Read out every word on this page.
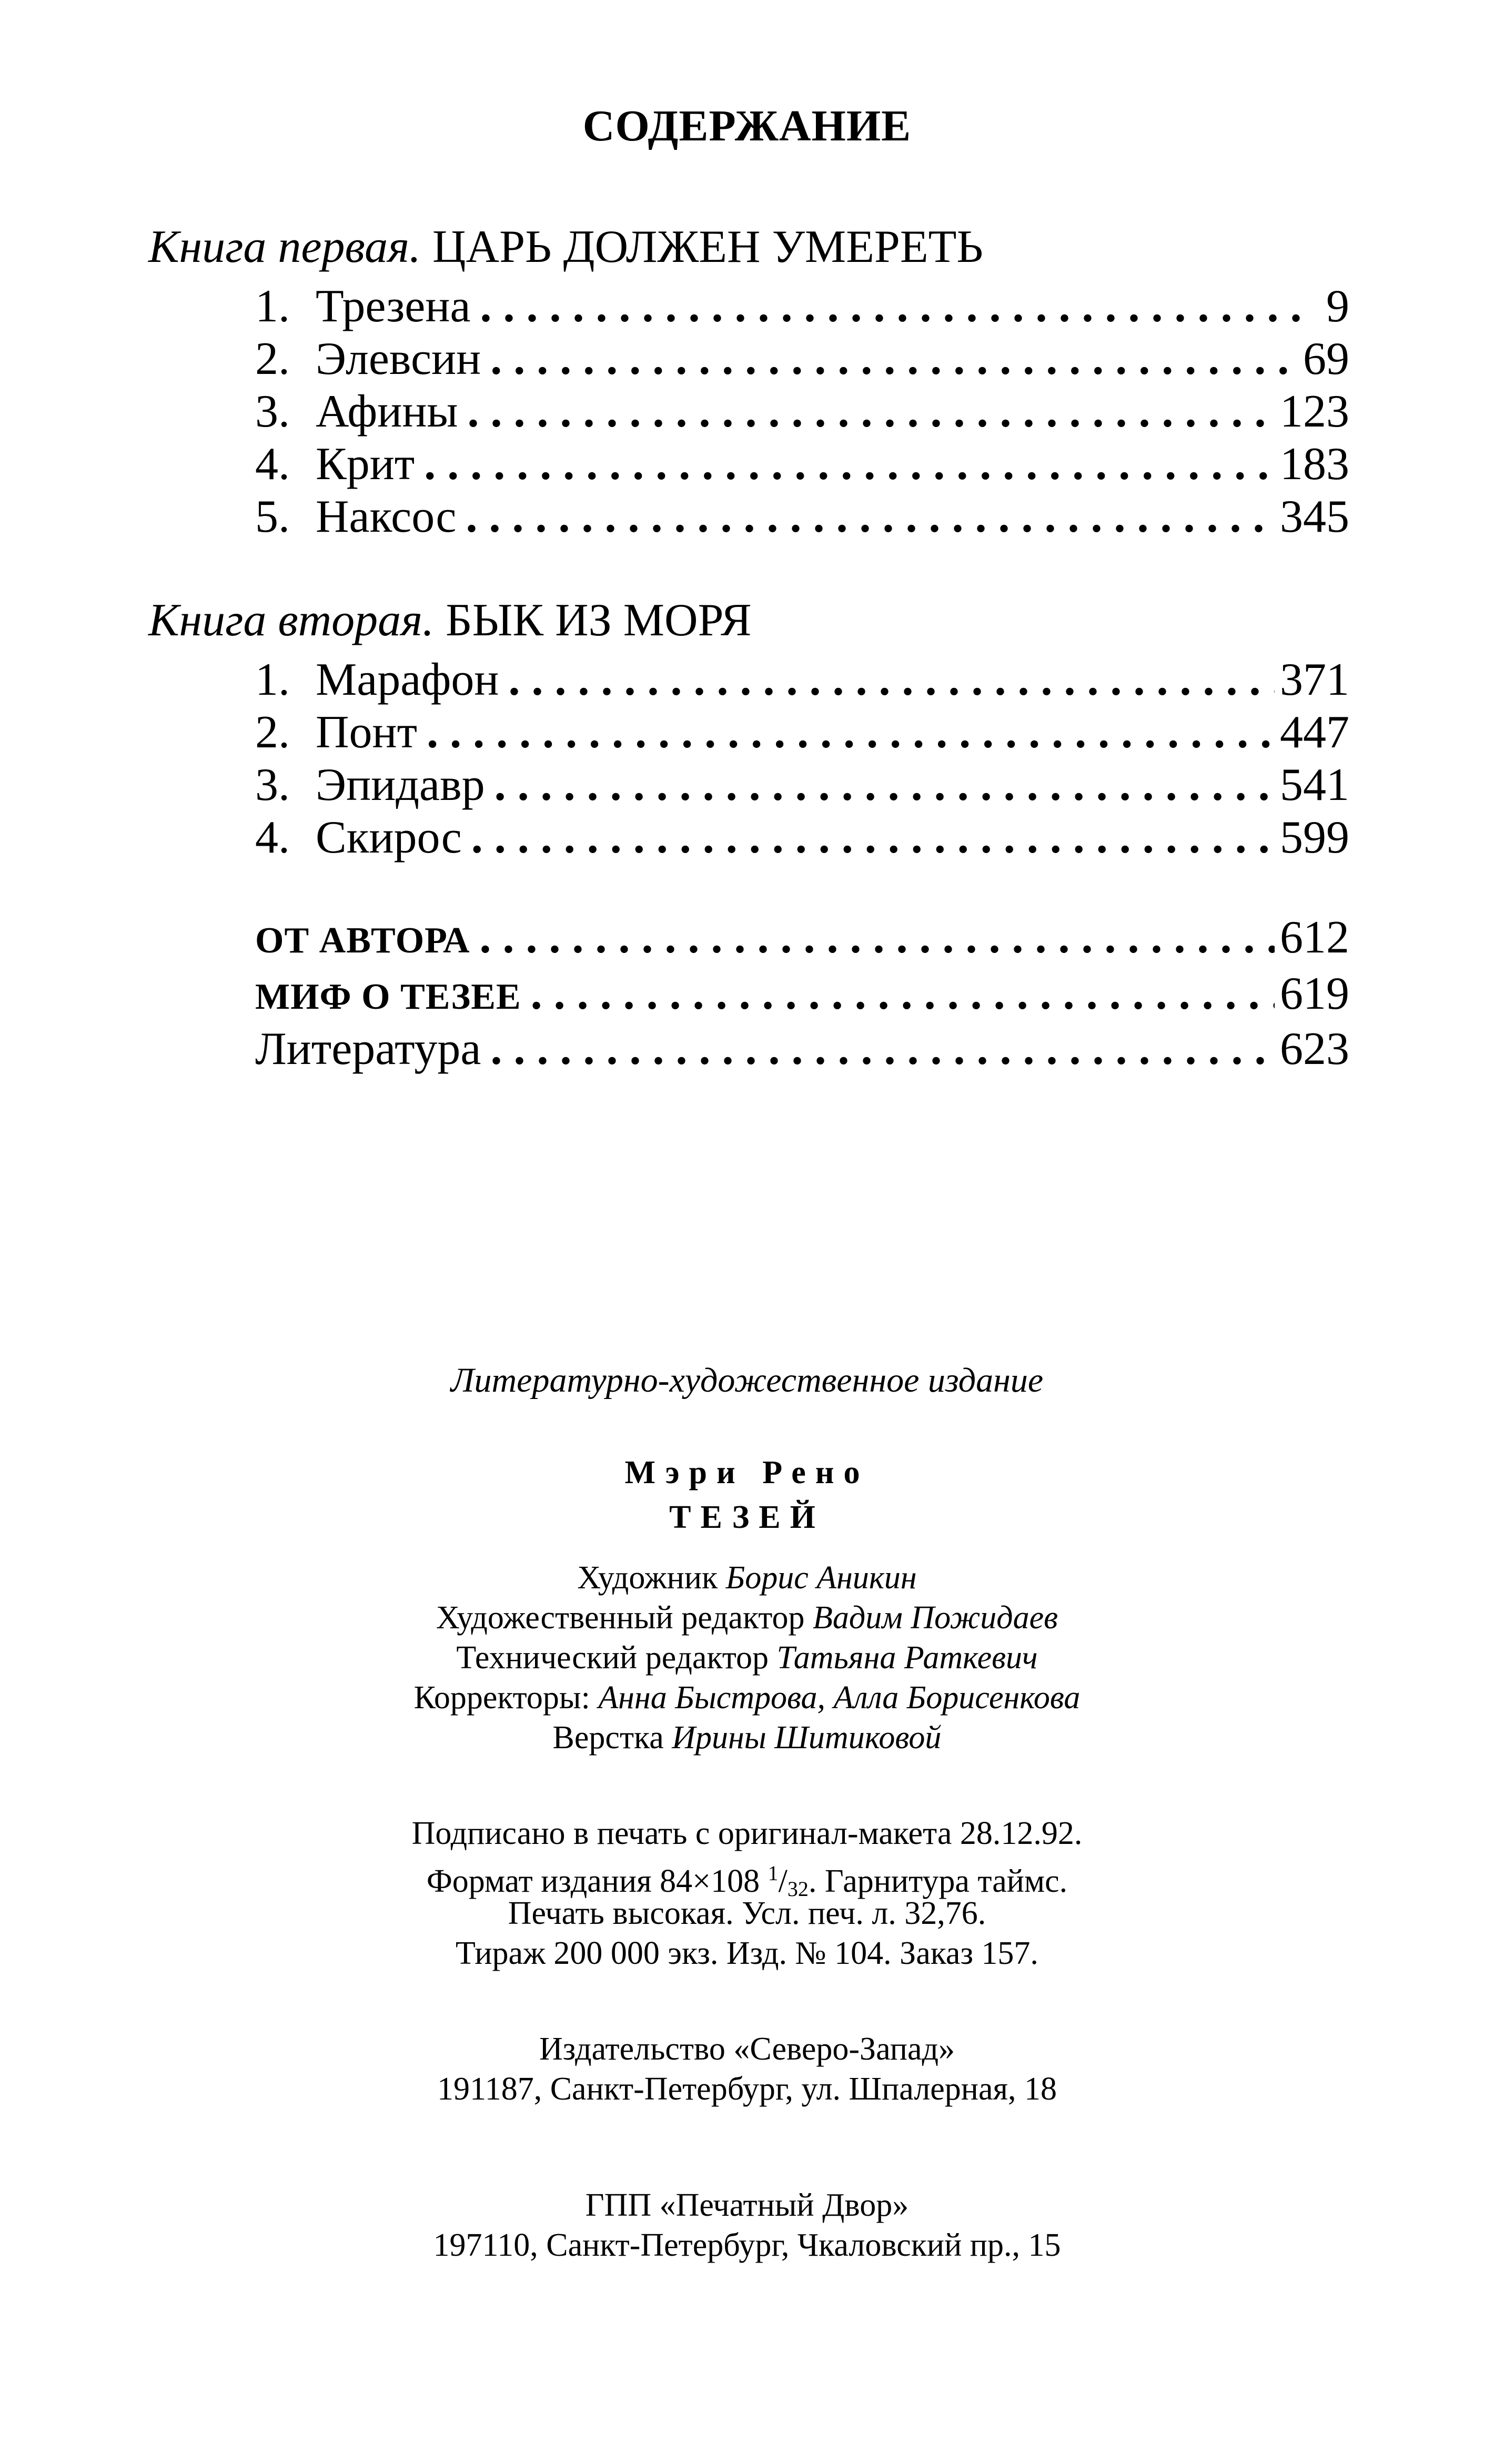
СОДЕРЖАНИЕ
Книга первая. ЦАРЬ ДОЛЖЕН УМЕРЕТЬ
1. Трезена . . .	9
2. Элевсин . . .	69
3. Афины . . .	123
4. Крит . . .	183
5. Наксос . . .	345
Книга вторая. БЫК ИЗ МОРЯ
1. Марафон . . .	371
2. Понт . . .	447
3. Эпидавр . . .	541
4. Скирос . . .	599
ОТ АВТОРА . . .	612
МИФ О ТЕЗЕЕ . . .	619
Литература . . .	623
Литературно-художественное издание
Мэри Рено
ТЕЗЕЙ
Художник Борис Аникин
Художественный редактор Вадим Пожидаев
Технический редактор Татьяна Раткевич
Корректоры: Анна Быстрова, Алла Борисенкова
Верстка Ирины Шитиковой
Подписано в печать с оригинал-макета 28.12.92.
Формат издания 84×108 $^1/_{32}$. Гарнитура таймс.
Печать высокая. Усл. печ. л. 32,76.
Тираж 200 000 экз. Изд. № 104. Заказ 157.
Издательство «Северо-Запад»
191187, Санкт-Петербург, ул. Шпалерная, 18
ГПП «Печатный Двор»
197110, Санкт-Петербург, Чкаловский пр., 15
